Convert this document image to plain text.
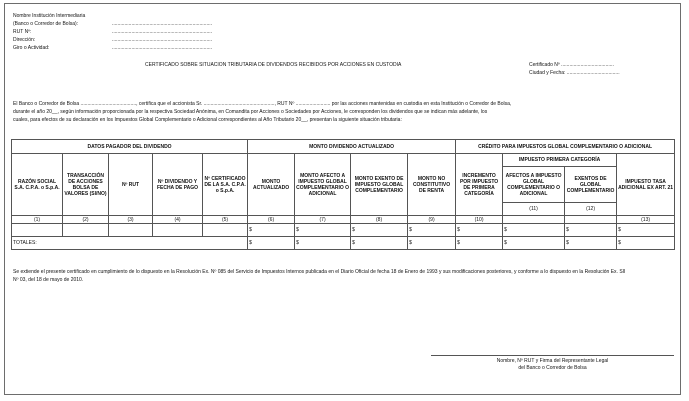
Nombre Institución Intermediaria
(Banco o Corredor de Bolsa):	........................................................................
RUT Nº:	........................................................................
Dirección:	........................................................................
Giro o Actividad:	........................................................................
CERTIFICADO SOBRE SITUACION TRIBUTARIA DE DIVIDENDOS RECIBIDOS POR ACCIONES EN CUSTODIA	Certificado Nº ......................................
Ciudad y Fecha: ......................................
El Banco o Corredor de Bolsa ........................................, certifica que el accionista Sr. ..................................................., RUT Nº ......................... por las acciones mantenidas en custodia en esta Institución o Corredor de Bolsa,
durante el año 20__, según información proporcionada por la respectiva Sociedad Anónima, en Comandita por Acciones o Sociedades por Acciones, le corresponden los dividendos que se indican más adelante, los
cuales, para efectos de su declaración en los Impuestos Global Complementario o Adicional correspondientes al Año Tributario 20__, presentan la siguiente situación tributaria:
DATOS PAGADOR DEL DIVIDENDO					MONTO DIVIDENDO ACTUALIZADO				CRÉDITO PARA IMPUESTOS GLOBAL COMPLEMENTARIO O ADICIONAL			
RAZÓN SOCIAL S.A. C.P.A. o S.p.A.	TRANSACCIÓN DE ACCIONES BOLSA DE VALORES (SI/NO)	Nº RUT	Nº DIVIDENDO Y FECHA DE PAGO	Nº CERTIFICADO DE LA S.A. C.P.A. o S.p.A.	MONTO ACTUALIZADO	MONTO AFECTO A IMPUESTO GLOBAL COMPLEMENTARIO O ADICIONAL	MONTO EXENTO DE IMPUESTO GLOBAL COMPLEMENTARIO	MONTO NO CONSTITUTIVO DE RENTA	INCREMENTO POR IMPUESTO DE PRIMERA CATEGORÍA	IMPUESTO PRIMERA CATEGORÍA		IMPUESTO TASA ADICIONAL EX ART. 21
										AFECTOS A IMPUESTO GLOBAL COMPLEMENTARIO O ADICIONAL	EXENTOS DE GLOBAL COMPLEMENTARIO	
										(11)	(12)	
(1)	(2)	(3)	(4)	(5)	(6)	(7)	(8)	(9)	(10)			(13)
					$	$	$	$	$	$	$	$
TOTALES:					$	$	$	$	$	$	$	$
Se extiende el presente certificado en cumplimiento de lo dispuesto en la Resolución Ex. Nº 085 del Servicio de Impuestos Internos publicada en el Diario Oficial de fecha 18 de Enero de 1993 y sus modificaciones posteriores, y conforme a lo dispuesto en la Resolución Ex. SII
Nº 03, del 18 de mayo de 2010.
Nombre, Nº RUT y Firma del Representante Legal
del Banco o Corredor de Bolsa
